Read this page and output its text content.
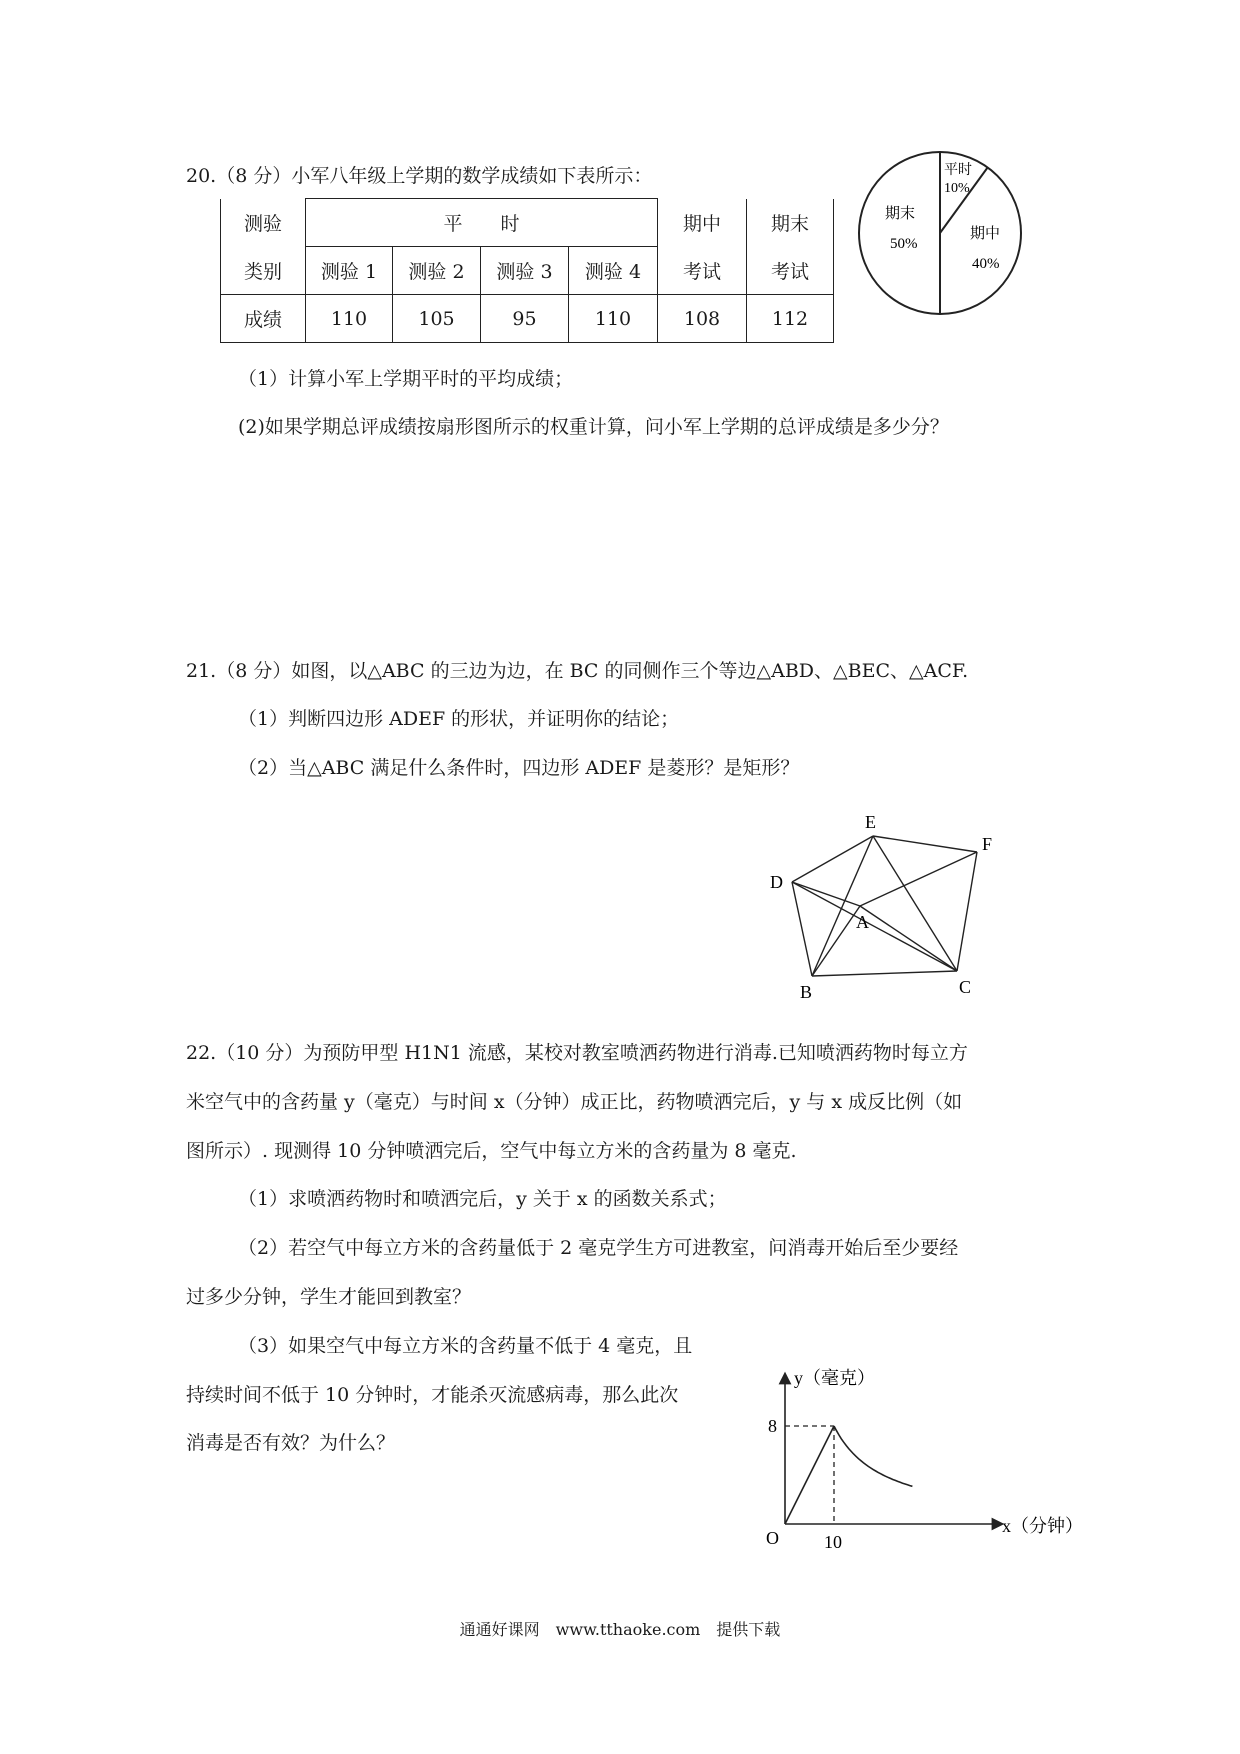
20.（8 分）小军八年级上学期的数学成绩如下表所示：
测验	平　　时				期中	期末
类别	测验 1	测验 2	测验 3	测验 4	考试	考试
成绩	110	105	95	110	108	112
期末
50%
期中
40%
平时
10%
（1）计算小军上学期平时的平均成绩；
(2)如果学期总评成绩按扇形图所示的权重计算，问小军上学期的总评成绩是多少分？
21.（8 分）如图，以△ABC 的三边为边，在 BC 的同侧作三个等边△ABD、△BEC、△ACF.
（1）判断四边形 ADEF 的形状，并证明你的结论；
（2）当△ABC 满足什么条件时，四边形 ADEF 是菱形？是矩形？
E
F
D
A
B	C
22.（10 分）为预防甲型 H1N1 流感，某校对教室喷洒药物进行消毒.已知喷洒药物时每立方
米空气中的含药量 y（毫克）与时间 x（分钟）成正比，药物喷洒完后，y 与 x 成反比例（如
图所示）. 现测得 10 分钟喷洒完后，空气中每立方米的含药量为 8 毫克.
（1）求喷洒药物时和喷洒完后，y 关于 x 的函数关系式；
（2）若空气中每立方米的含药量低于 2 毫克学生方可进教室，问消毒开始后至少要经
过多少分钟，学生才能回到教室？
（3）如果空气中每立方米的含药量不低于 4 毫克，且
持续时间不低于 10 分钟时，才能杀灭流感病毒，那么此次
消毒是否有效？为什么？
y（毫克）
x（分钟）
O	10
8
通通好课网　www.tthaoke.com　提供下载
